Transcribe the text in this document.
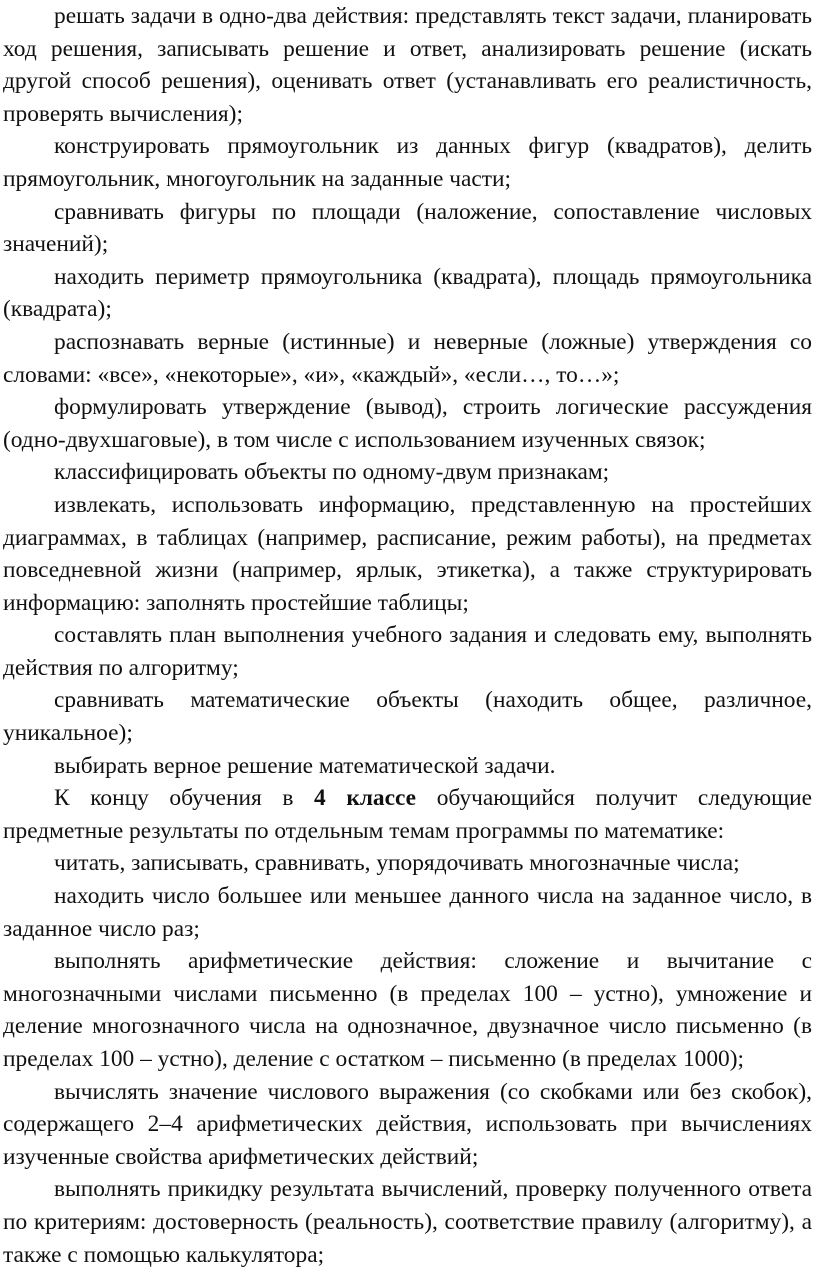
решать задачи в одно-два действия: представлять текст задачи, планировать ход решения, записывать решение и ответ, анализировать решение (искать другой способ решения), оценивать ответ (устанавливать его реалистичность, проверять вычисления);

конструировать прямоугольник из данных фигур (квадратов), делить прямоугольник, многоугольник на заданные части;

сравнивать фигуры по площади (наложение, сопоставление числовых значений);

находить периметр прямоугольника (квадрата), площадь прямоугольника (квадрата);

распознавать верные (истинные) и неверные (ложные) утверждения со словами: «все», «некоторые», «и», «каждый», «если…, то…»;

формулировать утверждение (вывод), строить логические рассуждения (одно-двухшаговые), в том числе с использованием изученных связок;

классифицировать объекты по одному-двум признакам;

извлекать, использовать информацию, представленную на простейших диаграммах, в таблицах (например, расписание, режим работы), на предметах повседневной жизни (например, ярлык, этикетка), а также структурировать информацию: заполнять простейшие таблицы;

составлять план выполнения учебного задания и следовать ему, выполнять действия по алгоритму;

сравнивать математические объекты (находить общее, различное, уникальное);

выбирать верное решение математической задачи.

К концу обучения в 4 классе обучающийся получит следующие предметные результаты по отдельным темам программы по математике:

читать, записывать, сравнивать, упорядочивать многозначные числа;

находить число большее или меньшее данного числа на заданное число, в заданное число раз;

выполнять арифметические действия: сложение и вычитание с многозначными числами письменно (в пределах 100 – устно), умножение и деление многозначного числа на однозначное, двузначное число письменно (в пределах 100 – устно), деление с остатком – письменно (в пределах 1000);

вычислять значение числового выражения (со скобками или без скобок), содержащего 2–4 арифметических действия, использовать при вычислениях изученные свойства арифметических действий;

выполнять прикидку результата вычислений, проверку полученного ответа по критериям: достоверность (реальность), соответствие правилу (алгоритму), а также с помощью калькулятора;
